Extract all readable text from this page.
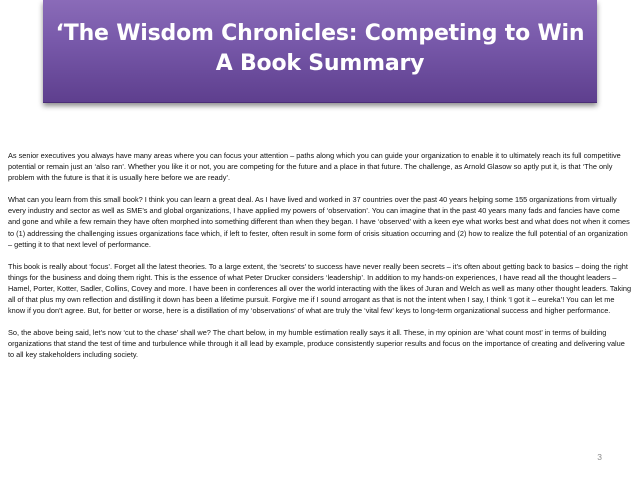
‘The Wisdom Chronicles: Competing to Win
A Book Summary

As senior executives you always have many areas where you can focus your attention – paths along which you can guide your organization to enable it to ultimately reach its full competitive potential or remain just an ‘also ran’. Whether you like it or not, you are competing for the future and a place in that future. The challenge, as Arnold Glasow so aptly put it, is that ‘The only problem with the future is that it is usually here before we are ready’.

What can you learn from this small book? I think you can learn a great deal. As I have lived and worked in 37 countries over the past 40 years helping some 155 organizations from virtually every industry and sector as well as SME’s and global organizations, I have applied my powers of ‘observation’. You can imagine that in the past 40 years many fads and fancies have come and gone and while a few remain they have often morphed into something different than when they began. I have ‘observed’ with a keen eye what works best and what does not when it comes to (1) addressing the challenging issues organizations face which, if left to fester, often result in some form of crisis situation occurring and (2) how to realize the full potential of an organization – getting it to that next level of performance.

This book is really about ‘focus’. Forget all the latest theories. To a large extent, the ‘secrets’ to success have never really been secrets – it’s often about getting back to basics – doing the right things for the business and doing them right. This is the essence of what Peter Drucker considers ‘leadership’. In addition to my hands-on experiences, I have read all the thought leaders – Hamel, Porter, Kotter, Sadler, Collins, Covey and more. I have been in conferences all over the world interacting with the likes of Juran and Welch as well as many other thought leaders. Taking all of that plus my own reflection and distilling it down has been a lifetime pursuit. Forgive me if I sound arrogant as that is not the intent when I say, I think ‘I got it – eureka’! You can let me know if you don’t agree. But, for better or worse, here is a distillation of my ‘observations’ of what are truly the ‘vital few’ keys to long-term organizational success and higher performance.

So, the above being said, let’s now ‘cut to the chase’ shall we? The chart below, in my humble estimation really says it all. These, in my opinion are ‘what count most’ in terms of building organizations that stand the test of time and turbulence while through it all lead by example, produce consistently superior results and focus on the importance of creating and delivering value to all key stakeholders including society.

3
